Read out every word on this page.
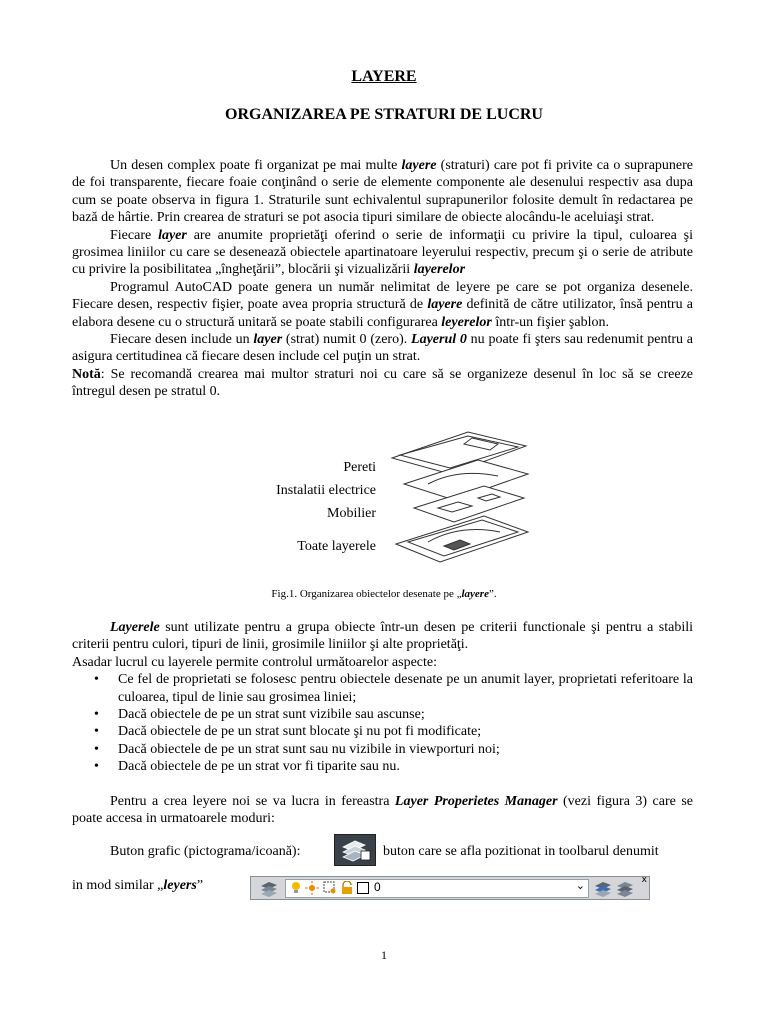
LAYERE
ORGANIZAREA PE STRATURI DE LUCRU

Un desen complex poate fi organizat pe mai multe layere (straturi) care pot fi privite ca o suprapunere de foi transparente, fiecare foaie conţinând o serie de elemente componente ale desenului respectiv asa dupa cum se poate observa in figura 1. Straturile sunt echivalentul suprapunerilor folosite demult în redactarea pe bază de hârtie. Prin crearea de straturi se pot asocia tipuri similare de obiecte alocându-le aceluiaşi strat.

Fiecare layer are anumite proprietăţi oferind o serie de informaţii cu privire la tipul, culoarea şi grosimea liniilor cu care se desenează obiectele apartinatoare leyerului respectiv, precum şi o serie de atribute cu privire la posibilitatea „îngheţării”, blocării şi vizualizării layerelor

Programul AutoCAD poate genera un număr nelimitat de leyere pe care se pot organiza desenele. Fiecare desen, respectiv fişier, poate avea propria structură de layere definită de către utilizator, însă pentru a elabora desene cu o structură unitară se poate stabili configurarea leyerelor într-un fişier şablon.

Fiecare desen include un layer (strat) numit 0 (zero). Layerul 0 nu poate fi şters sau redenumit pentru a asigura certitudinea că fiecare desen include cel puţin un strat.

Notă: Se recomandă crearea mai multor straturi noi cu care să se organizeze desenul în loc să se creeze întregul desen pe stratul 0.

Pereti
Instalatii electrice
Mobilier
Toate layerele
Fig.1. Organizarea obiectelor desenate pe „layere”.

Layerele sunt utilizate pentru a grupa obiecte într-un desen pe criterii functionale şi pentru a stabili criterii pentru culori, tipuri de linii, grosimile liniilor şi alte proprietăţi.

Asadar lucrul cu layerele permite controlul următoarelor aspecte:

• Ce fel de proprietati se folosesc pentru obiectele desenate pe un anumit layer, proprietati referitoare la culoarea, tipul de linie sau grosimea liniei;
• Dacă obiectele de pe un strat sunt vizibile sau ascunse;
• Dacă obiectele de pe un strat sunt blocate şi nu pot fi modificate;
• Dacă obiectele de pe un strat sunt sau nu vizibile in viewporturi noi;
• Dacă obiectele de pe un strat vor fi tiparite sau nu.

Pentru a crea leyere noi se va lucra in fereastra Layer Properietes Manager (vezi figura 3) care se poate accesa in urmatoarele moduri:

Buton grafic (pictograma/icoană):	buton care se afla pozitionat in toolbarul denumit
in mod similar „leyers”	0	⌄	x
1
